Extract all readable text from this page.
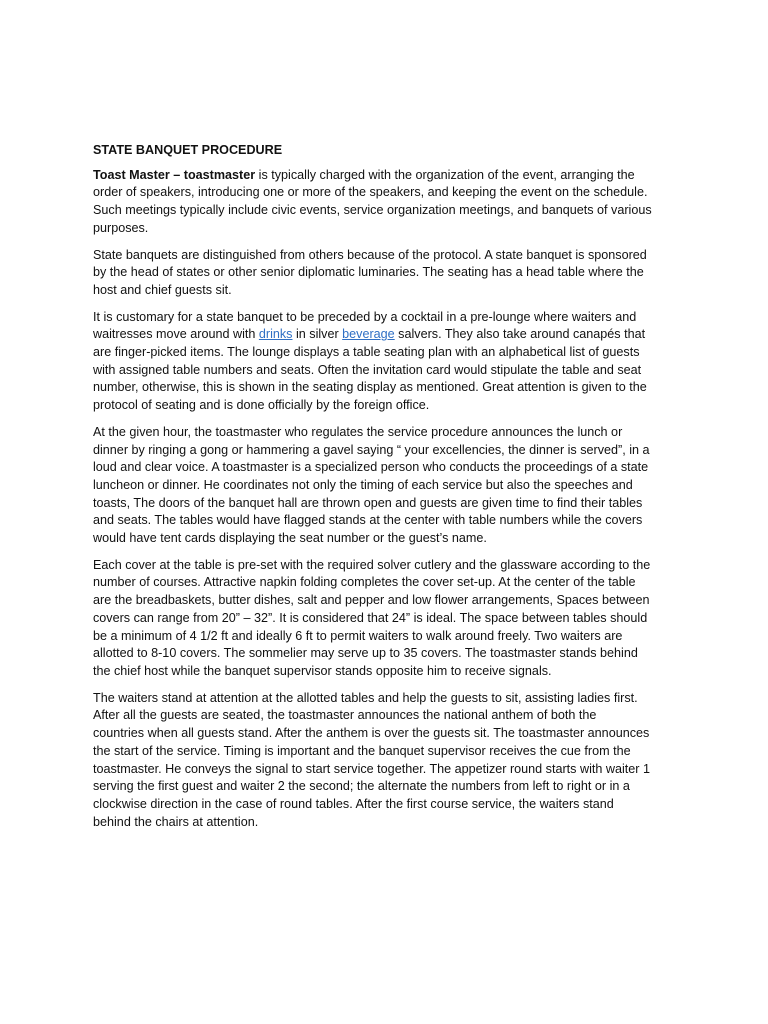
STATE BANQUET PROCEDURE
Toast Master – toastmaster is typically charged with the organization of the event, arranging the
order of speakers, introducing one or more of the speakers, and keeping the event on the schedule.
Such meetings typically include civic events, service organization meetings, and banquets of various
purposes.
State banquets are distinguished from others because of the protocol. A state banquet is sponsored
by the head of states or other senior diplomatic luminaries. The seating has a head table where the
host and chief guests sit.
It is customary for a state banquet to be preceded by a cocktail in a pre-lounge where waiters and
waitresses move around with drinks in silver beverage salvers. They also take around canapés that
are finger-picked items. The lounge displays a table seating plan with an alphabetical list of guests
with assigned table numbers and seats. Often the invitation card would stipulate the table and seat
number, otherwise, this is shown in the seating display as mentioned. Great attention is given to the
protocol of seating and is done officially by the foreign office.
At the given hour, the toastmaster who regulates the service procedure announces the lunch or
dinner by ringing a gong or hammering a gavel saying “ your excellencies, the dinner is served”, in a
loud and clear voice. A toastmaster is a specialized person who conducts the proceedings of a state
luncheon or dinner. He coordinates not only the timing of each service but also the speeches and
toasts, The doors of the banquet hall are thrown open and guests are given time to find their tables
and seats. The tables would have flagged stands at the center with table numbers while the covers
would have tent cards displaying the seat number or the guest’s name.
Each cover at the table is pre-set with the required solver cutlery and the glassware according to the
number of courses. Attractive napkin folding completes the cover set-up. At the center of the table
are the breadbaskets, butter dishes, salt and pepper and low flower arrangements, Spaces between
covers can range from 20” – 32”. It is considered that 24” is ideal. The space between tables should
be a minimum of 4 1/2 ft and ideally 6 ft to permit waiters to walk around freely. Two waiters are
allotted to 8-10 covers. The sommelier may serve up to 35 covers. The toastmaster stands behind
the chief host while the banquet supervisor stands opposite him to receive signals.
The waiters stand at attention at the allotted tables and help the guests to sit, assisting ladies first.
After all the guests are seated, the toastmaster announces the national anthem of both the
countries when all guests stand. After the anthem is over the guests sit. The toastmaster announces
the start of the service. Timing is important and the banquet supervisor receives the cue from the
toastmaster. He conveys the signal to start service together. The appetizer round starts with waiter 1
serving the first guest and waiter 2 the second; the alternate the numbers from left to right or in a
clockwise direction in the case of round tables. After the first course service, the waiters stand
behind the chairs at attention.
